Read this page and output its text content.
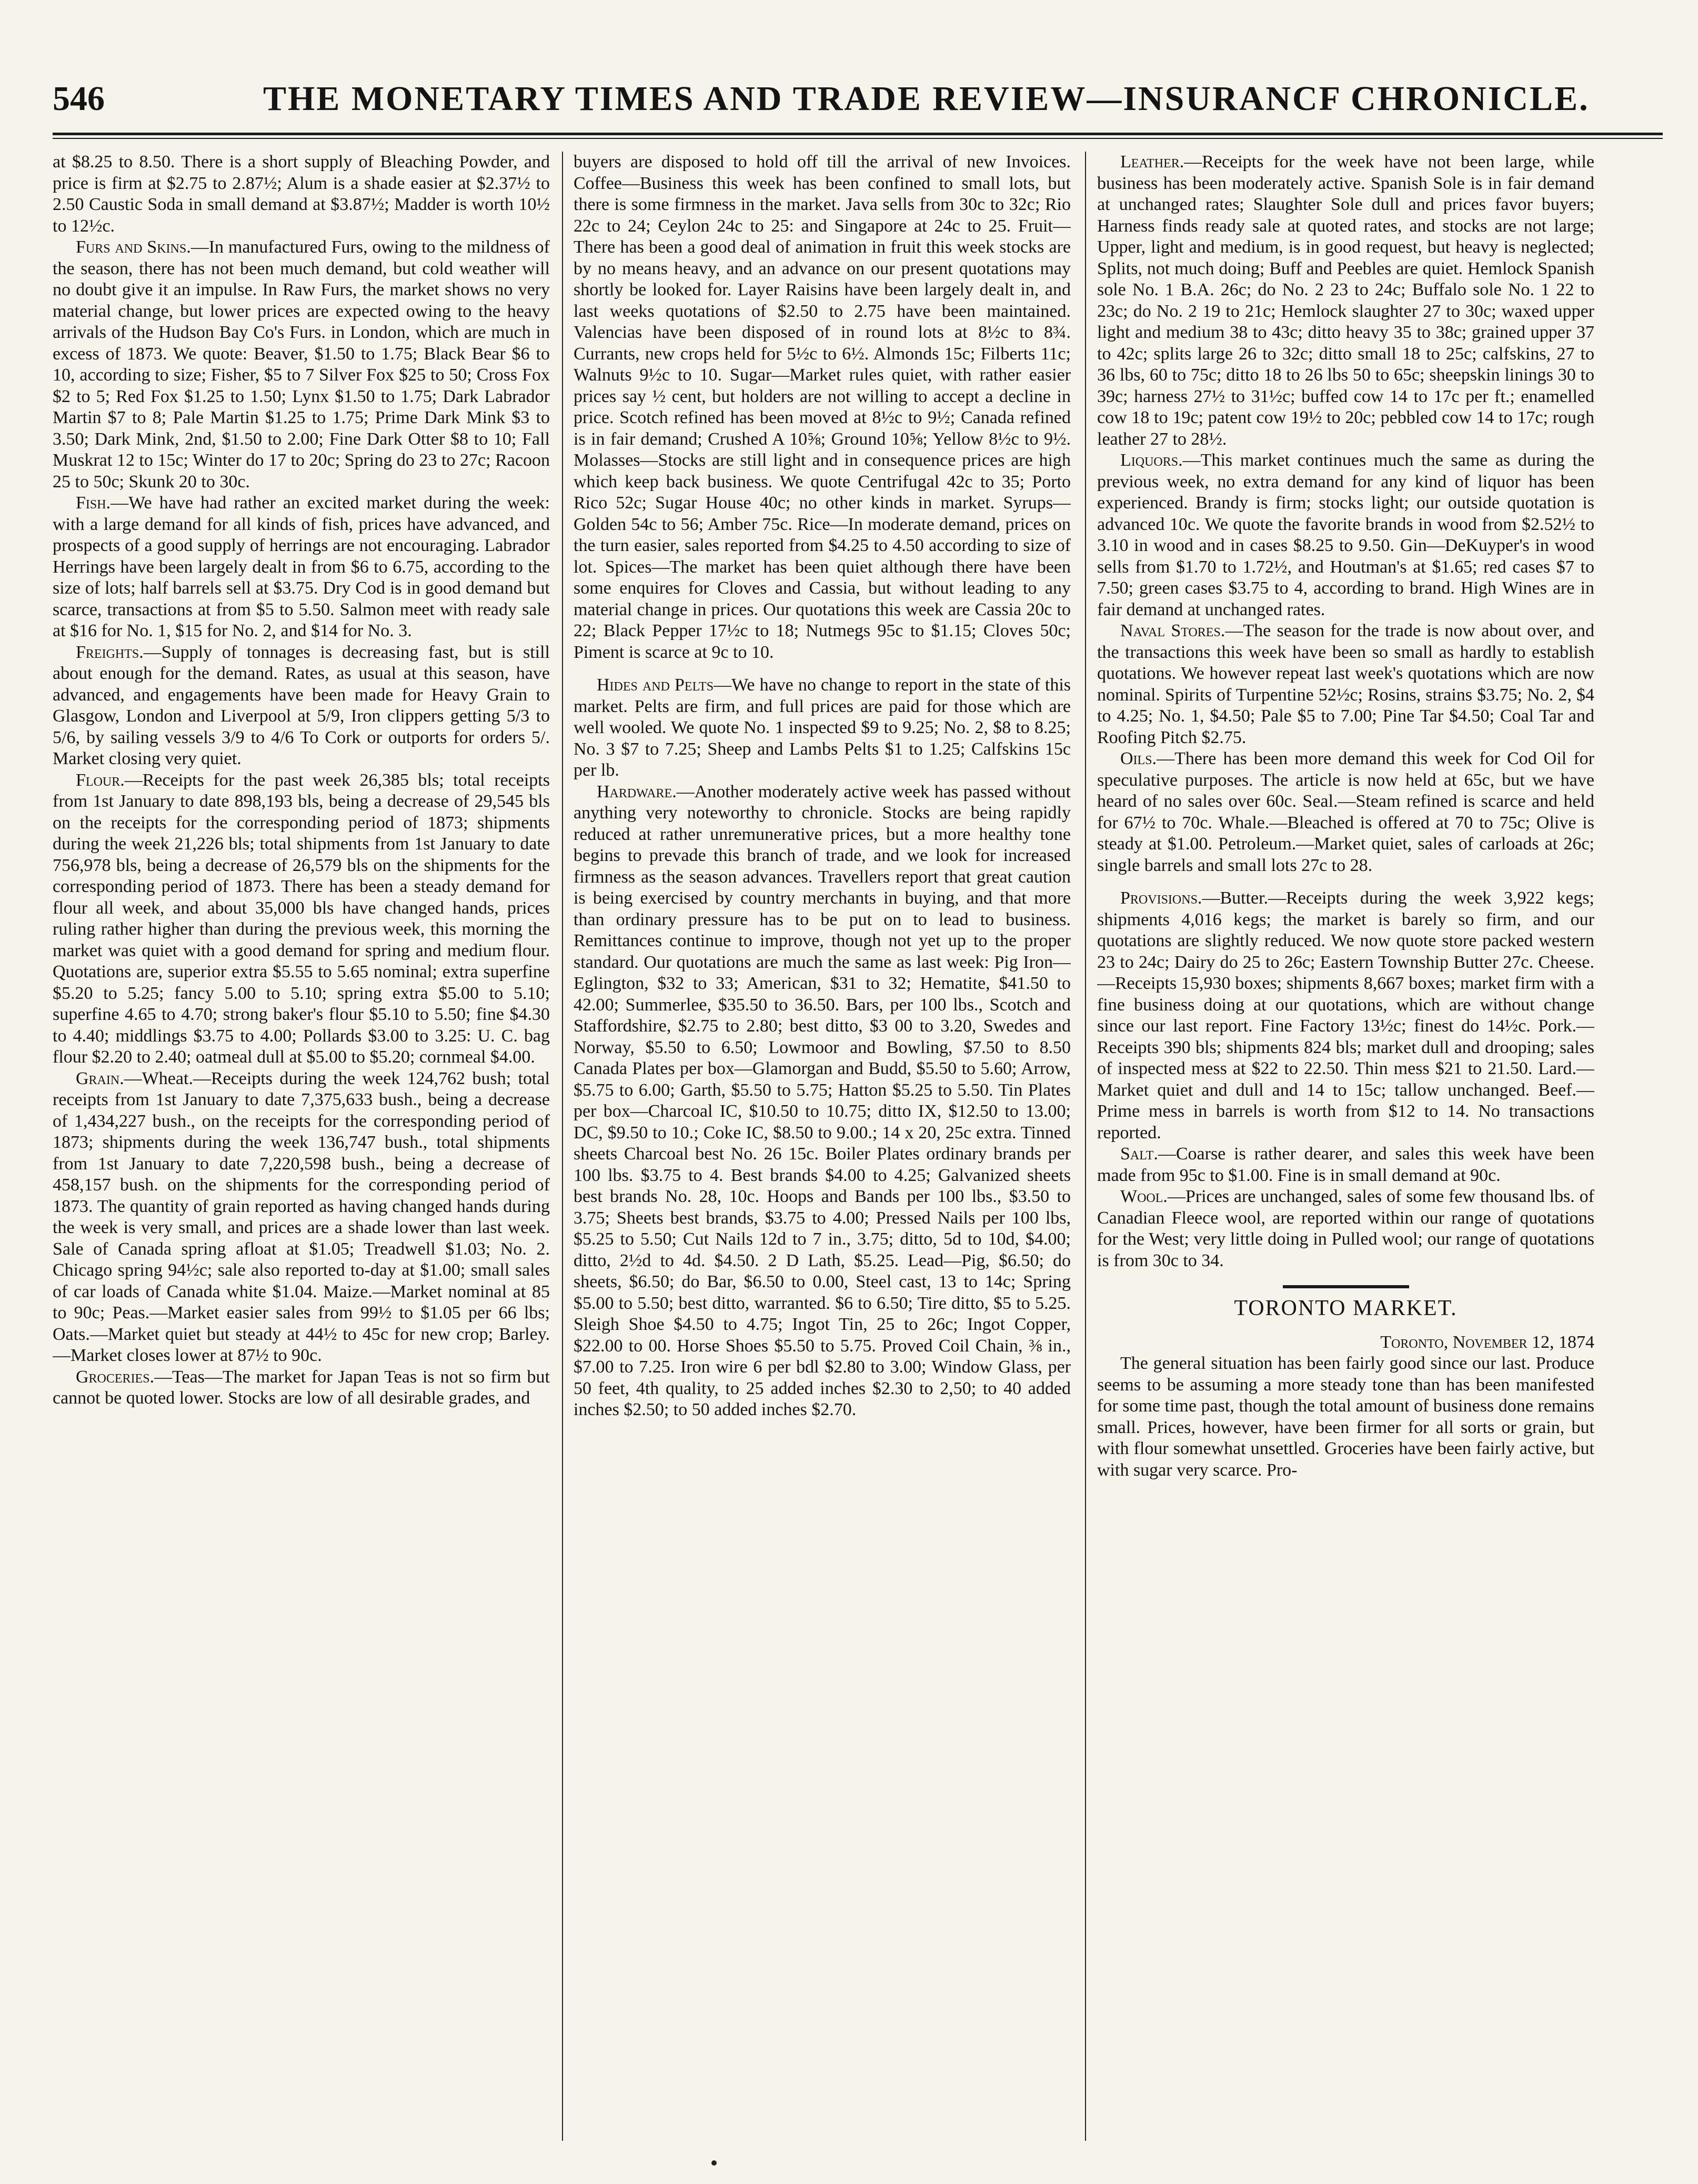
546	THE MONETARY TIMES AND TRADE REVIEW—INSURANCF CHRONICLE.

at $8.25 to 8.50. There is a short supply of Bleaching Powder, and price is firm at $2.75 to 2.87½; Alum is a shade easier at $2.37½ to 2.50 Caustic Soda in small demand at $3.87½; Madder is worth 10½ to 12½c.

Furs and Skins.—In manufactured Furs, owing to the mildness of the season, there has not been much demand, but cold weather will no doubt give it an impulse. In Raw Furs, the market shows no very material change, but lower prices are expected owing to the heavy arrivals of the Hudson Bay Co's Furs. in London, which are much in excess of 1873. We quote: Beaver, $1.50 to 1.75; Black Bear $6 to 10, according to size; Fisher, $5 to 7 Silver Fox $25 to 50; Cross Fox $2 to 5; Red Fox $1.25 to 1.50; Lynx $1.50 to 1.75; Dark Labrador Martin $7 to 8; Pale Martin $1.25 to 1.75; Prime Dark Mink $3 to 3.50; Dark Mink, 2nd, $1.50 to 2.00; Fine Dark Otter $8 to 10; Fall Muskrat 12 to 15c; Winter do 17 to 20c; Spring do 23 to 27c; Racoon 25 to 50c; Skunk 20 to 30c.

Fish.—We have had rather an excited market during the week: with a large demand for all kinds of fish, prices have advanced, and prospects of a good supply of herrings are not encouraging. Labrador Herrings have been largely dealt in from $6 to 6.75, according to the size of lots; half barrels sell at $3.75. Dry Cod is in good demand but scarce, transactions at from $5 to 5.50. Salmon meet with ready sale at $16 for No. 1, $15 for No. 2, and $14 for No. 3.

Freights.—Supply of tonnages is decreasing fast, but is still about enough for the demand. Rates, as usual at this season, have advanced, and engagements have been made for Heavy Grain to Glasgow, London and Liverpool at 5/9, Iron clippers getting 5/3 to 5/6, by sailing vessels 3/9 to 4/6 To Cork or outports for orders 5/. Market closing very quiet.

Flour.—Receipts for the past week 26,385 bls; total receipts from 1st January to date 898,193 bls, being a decrease of 29,545 bls on the receipts for the corresponding period of 1873; shipments during the week 21,226 bls; total shipments from 1st January to date 756,978 bls, being a decrease of 26,579 bls on the shipments for the corresponding period of 1873. There has been a steady demand for flour all week, and about 35,000 bls have changed hands, prices ruling rather higher than during the previous week, this morning the market was quiet with a good demand for spring and medium flour. Quotations are, superior extra $5.55 to 5.65 nominal; extra superfine $5.20 to 5.25; fancy 5.00 to 5.10; spring extra $5.00 to 5.10; superfine 4.65 to 4.70; strong baker's flour $5.10 to 5.50; fine $4.30 to 4.40; middlings $3.75 to 4.00; Pollards $3.00 to 3.25: U. C. bag flour $2.20 to 2.40; oatmeal dull at $5.00 to $5.20; cornmeal $4.00.

Grain.—Wheat.—Receipts during the week 124,762 bush; total receipts from 1st January to date 7,375,633 bush., being a decrease of 1,434,227 bush., on the receipts for the corresponding period of 1873; shipments during the week 136,747 bush., total shipments from 1st January to date 7,220,598 bush., being a decrease of 458,157 bush. on the shipments for the corresponding period of 1873. The quantity of grain reported as having changed hands during the week is very small, and prices are a shade lower than last week. Sale of Canada spring afloat at $1.05; Treadwell $1.03; No. 2. Chicago spring 94½c; sale also reported to-day at $1.00; small sales of car loads of Canada white $1.04. Maize.—Market nominal at 85 to 90c; Peas.—Market easier sales from 99½ to $1.05 per 66 lbs; Oats.—Market quiet but steady at 44½ to 45c for new crop; Barley.—Market closes lower at 87½ to 90c.

Groceries.—Teas—The market for Japan Teas is not so firm but cannot be quoted lower. Stocks are low of all desirable grades, and

buyers are disposed to hold off till the arrival of new Invoices. Coffee—Business this week has been confined to small lots, but there is some firmness in the market. Java sells from 30c to 32c; Rio 22c to 24; Ceylon 24c to 25: and Singapore at 24c to 25. Fruit—There has been a good deal of animation in fruit this week stocks are by no means heavy, and an advance on our present quotations may shortly be looked for. Layer Raisins have been largely dealt in, and last weeks quotations of $2.50 to 2.75 have been maintained. Valencias have been disposed of in round lots at 8½c to 8¾. Currants, new crops held for 5½c to 6½. Almonds 15c; Filberts 11c; Walnuts 9½c to 10. Sugar—Market rules quiet, with rather easier prices say ½ cent, but holders are not willing to accept a decline in price. Scotch refined has been moved at 8½c to 9½; Canada refined is in fair demand; Crushed A 10⅝; Ground 10⅝; Yellow 8½c to 9½. Molasses—Stocks are still light and in consequence prices are high which keep back business. We quote Centrifugal 42c to 35; Porto Rico 52c; Sugar House 40c; no other kinds in market. Syrups—Golden 54c to 56; Amber 75c. Rice—In moderate demand, prices on the turn easier, sales reported from $4.25 to 4.50 according to size of lot. Spices—The market has been quiet although there have been some enquires for Cloves and Cassia, but without leading to any material change in prices. Our quotations this week are Cassia 20c to 22; Black Pepper 17½c to 18; Nutmegs 95c to $1.15; Cloves 50c; Piment is scarce at 9c to 10.

Hides and Pelts—We have no change to report in the state of this market. Pelts are firm, and full prices are paid for those which are well wooled. We quote No. 1 inspected $9 to 9.25; No. 2, $8 to 8.25; No. 3 $7 to 7.25; Sheep and Lambs Pelts $1 to 1.25; Calfskins 15c per lb.

Hardware.—Another moderately active week has passed without anything very noteworthy to chronicle. Stocks are being rapidly reduced at rather unremunerative prices, but a more healthy tone begins to prevade this branch of trade, and we look for increased firmness as the season advances. Travellers report that great caution is being exercised by country merchants in buying, and that more than ordinary pressure has to be put on to lead to business. Remittances continue to improve, though not yet up to the proper standard. Our quotations are much the same as last week: Pig Iron—Eglington, $32 to 33; American, $31 to 32; Hematite, $41.50 to 42.00; Summerlee, $35.50 to 36.50. Bars, per 100 lbs., Scotch and Staffordshire, $2.75 to 2.80; best ditto, $3 00 to 3.20, Swedes and Norway, $5.50 to 6.50; Lowmoor and Bowling, $7.50 to 8.50 Canada Plates per box—Glamorgan and Budd, $5.50 to 5.60; Arrow, $5.75 to 6.00; Garth, $5.50 to 5.75; Hatton $5.25 to 5.50. Tin Plates per box—Charcoal IC, $10.50 to 10.75; ditto IX, $12.50 to 13.00; DC, $9.50 to 10.; Coke IC, $8.50 to 9.00.; 14 x 20, 25c extra. Tinned sheets Charcoal best No. 26 15c. Boiler Plates ordinary brands per 100 lbs. $3.75 to 4. Best brands $4.00 to 4.25; Galvanized sheets best brands No. 28, 10c. Hoops and Bands per 100 lbs., $3.50 to 3.75; Sheets best brands, $3.75 to 4.00; Pressed Nails per 100 lbs, $5.25 to 5.50; Cut Nails 12d to 7 in., 3.75; ditto, 5d to 10d, $4.00; ditto, 2½d to 4d. $4.50. 2 D Lath, $5.25. Lead—Pig, $6.50; do sheets, $6.50; do Bar, $6.50 to 0.00, Steel cast, 13 to 14c; Spring $5.00 to 5.50; best ditto, warranted. $6 to 6.50; Tire ditto, $5 to 5.25. Sleigh Shoe $4.50 to 4.75; Ingot Tin, 25 to 26c; Ingot Copper, $22.00 to 00. Horse Shoes $5.50 to 5.75. Proved Coil Chain, ⅜ in., $7.00 to 7.25. Iron wire 6 per bdl $2.80 to 3.00; Window Glass, per 50 feet, 4th quality, to 25 added inches $2.30 to 2,50; to 40 added inches $2.50; to 50 added inches $2.70.

Leather.—Receipts for the week have not been large, while business has been moderately active. Spanish Sole is in fair demand at unchanged rates; Slaughter Sole dull and prices favor buyers; Harness finds ready sale at quoted rates, and stocks are not large; Upper, light and medium, is in good request, but heavy is neglected; Splits, not much doing; Buff and Peebles are quiet. Hemlock Spanish sole No. 1 B.A. 26c; do No. 2 23 to 24c; Buffalo sole No. 1 22 to 23c; do No. 2 19 to 21c; Hemlock slaughter 27 to 30c; waxed upper light and medium 38 to 43c; ditto heavy 35 to 38c; grained upper 37 to 42c; splits large 26 to 32c; ditto small 18 to 25c; calfskins, 27 to 36 lbs, 60 to 75c; ditto 18 to 26 lbs 50 to 65c; sheepskin linings 30 to 39c; harness 27½ to 31½c; buffed cow 14 to 17c per ft.; enamelled cow 18 to 19c; patent cow 19½ to 20c; pebbled cow 14 to 17c; rough leather 27 to 28½.

Liquors.—This market continues much the same as during the previous week, no extra demand for any kind of liquor has been experienced. Brandy is firm; stocks light; our outside quotation is advanced 10c. We quote the favorite brands in wood from $2.52½ to 3.10 in wood and in cases $8.25 to 9.50. Gin—DeKuyper's in wood sells from $1.70 to 1.72½, and Houtman's at $1.65; red cases $7 to 7.50; green cases $3.75 to 4, according to brand. High Wines are in fair demand at unchanged rates.

Naval Stores.—The season for the trade is now about over, and the transactions this week have been so small as hardly to establish quotations. We however repeat last week's quotations which are now nominal. Spirits of Turpentine 52½c; Rosins, strains $3.75; No. 2, $4 to 4.25; No. 1, $4.50; Pale $5 to 7.00; Pine Tar $4.50; Coal Tar and Roofing Pitch $2.75.

Oils.—There has been more demand this week for Cod Oil for speculative purposes. The article is now held at 65c, but we have heard of no sales over 60c. Seal.—Steam refined is scarce and held for 67½ to 70c. Whale.—Bleached is offered at 70 to 75c; Olive is steady at $1.00. Petroleum.—Market quiet, sales of carloads at 26c; single barrels and small lots 27c to 28.

Provisions.—Butter.—Receipts during the week 3,922 kegs; shipments 4,016 kegs; the market is barely so firm, and our quotations are slightly reduced. We now quote store packed western 23 to 24c; Dairy do 25 to 26c; Eastern Township Butter 27c. Cheese.—Receipts 15,930 boxes; shipments 8,667 boxes; market firm with a fine business doing at our quotations, which are without change since our last report. Fine Factory 13½c; finest do 14½c. Pork.—Receipts 390 bls; shipments 824 bls; market dull and drooping; sales of inspected mess at $22 to 22.50. Thin mess $21 to 21.50. Lard.—Market quiet and dull and 14 to 15c; tallow unchanged. Beef.—Prime mess in barrels is worth from $12 to 14. No transactions reported.

Salt.—Coarse is rather dearer, and sales this week have been made from 95c to $1.00. Fine is in small demand at 90c.

Wool.—Prices are unchanged, sales of some few thousand lbs. of Canadian Fleece wool, are reported within our range of quotations for the West; very little doing in Pulled wool; our range of quotations is from 30c to 34.

TORONTO MARKET.

Toronto, November 12, 1874

The general situation has been fairly good since our last. Produce seems to be assuming a more steady tone than has been manifested for some time past, though the total amount of business done remains small. Prices, however, have been firmer for all sorts or grain, but with flour somewhat unsettled. Groceries have been fairly active, but with sugar very scarce. Pro-
